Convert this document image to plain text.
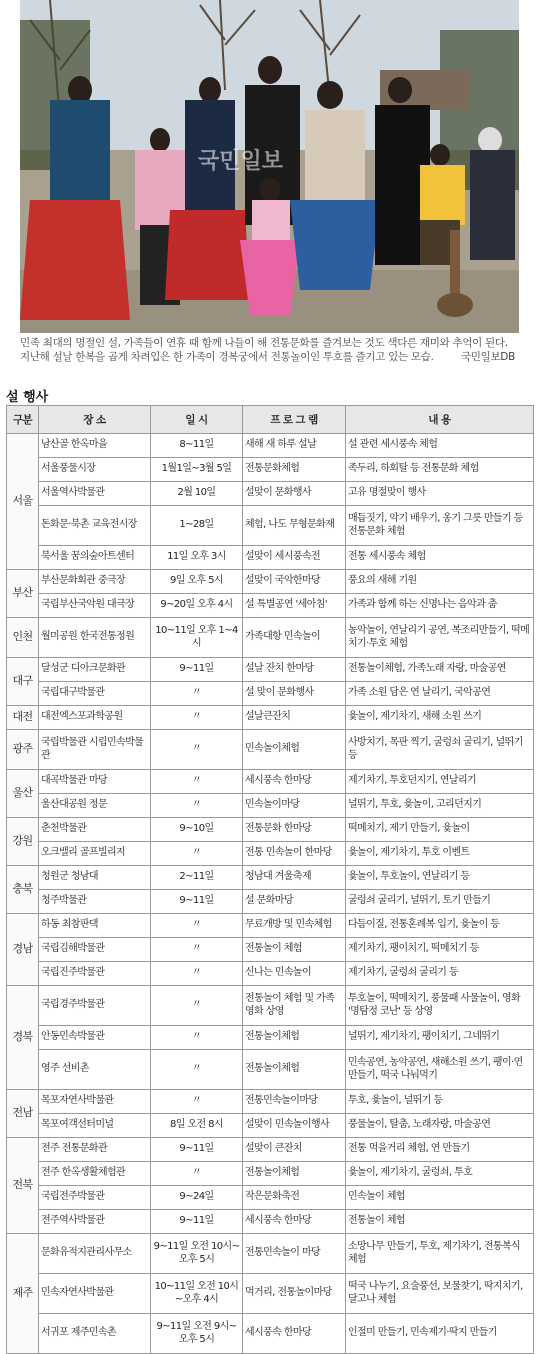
국민일보
민족 최대의 명절인 설, 가족들이 연휴 때 함께 나들이 해 전통문화를 즐겨보는 것도 색다른 재미와 추억이 된다. 지난해 설날 한복을 곱게 차려입은 한 가족이 경복궁에서 전통놀이인 투호를 즐기고 있는 모습.	국민일보DB
설 행사
구분	장 소	일 시	프 로 그 램	내 용
서울	남산골 한옥마을	8~11일	새해 새 하루 설날	설 관련 세시풍속 체험
	서울풍물시장	1월1일~3월 5일	전통문화체험	족두리, 하회탈 등 전통문화 체험
	서울역사박물관	2월 10일	설맞이 문화행사	고유 명절맞이 행사
	돈화문·북촌 교육전시장	1~28일	체험, 나도 무형문화재	매듭짓기, 악기 배우기, 옹기 그릇 만들기 등 전통문화 체험
	북서울 꿈의숲아트센터	11일 오후 3시	설맞이 세시풍속전	전통 세시풍속 체험
부산	부산문화회관 중극장	9일 오후 5시	설맞이 국악한마당	풍요의 새해 기원
	국립부산국악원 대극장	9~20일 오후 4시	설 특별공연 '세아침'	가족과 함께 하는 신명나는 음악과 춤
인천	월미공원 한국전통정원	10~11일 오후 1~4시	가족대항 민속놀이	농악놀이, 연날리기 공연, 복조리만들기, 떡메치기·투호 체험
대구	달성군 디아크문화관	9~11일	설날 잔치 한마당	전통놀이체험, 가족노래 자랑, 마술공연
	국립대구박물관	〃	설 맞이 문화행사	가족 소원 담은 연 날리기, 국악공연
대전	대전엑스포과학공원	〃	설날큰잔치	윷놀이, 제기차기, 새해 소원 쓰기
광주	국립박물관 시립민속박물관	〃	민속놀이체험	사방치기, 목판 찍기, 굴렁쇠 굴리기, 널뛰기 등
울산	대곡박물관 마당	〃	세시풍속 한마당	제기차기, 투호던지기, 연날리기
	울산대공원 정문	〃	민속놀이마당	널뛰기, 투호, 윷놀이, 고리던지기
강원	춘천박물관	9~10일	전통문화 한마당	떡메치기, 제기 만들기, 윷놀이
	오크밸리 골프빌리지	〃	전통 민속놀이 한마당	윷놀이, 제기차기, 투호 이벤트
충북	청원군 청남대	2~11일	청남대 겨울축제	윷놀이, 투호놀이, 연날리기 등
	청주박물관	9~11일	설 문화마당	굴렁쇠 굴리기, 널뛰기, 토기 만들기
경남	하동 최참판댁	〃	무료개방 및 민속체험	다듬이질, 전통혼례복 입기, 윷놀이 등
	국립김해박물관	〃	전통놀이 체험	제기차기, 팽이치기, 떡메치기 등
	국립진주박물관	〃	신나는 민속놀이	제기차기, 굴렁쇠 굴리기 등
경북	국립경주박물관	〃	전통놀이 체험 및 가족영화 상영	투호놀이, 떡메치기, 풍물패 사물놀이, 영화 '명탐정 코난' 등 상영
	안동민속박물관	〃	전통놀이체험	널뛰기, 제기차기, 팽이치기, 그네뛰기
	영주 선비촌	〃	전통놀이체험	민속공연, 농악공연, 새해소원 쓰기, 팽이·연 만들기, 떡국 나눠먹기
전남	목포자연사박물관	〃	전통민속놀이마당	투호, 윷놀이, 널뛰기 등
	목포여객선터미널	8일 오전 8시	설맞이 민속놀이행사	풍물놀이, 탈춤, 노래자랑, 마술공연
전북	전주 전통문화관	9~11일	설맞이 큰잔치	전통 먹을거리 체험, 연 만들기
	전주 한옥생활체험관	〃	전통놀이체험	윷놀이, 제기차기, 굴렁쇠, 투호
	국립전주박물관	9~24일	작은문화축전	민속놀이 체험
	전주역사박물관	9~11일	세시풍속 한마당	전통놀이 체험
제주	문화유적지관리사무소	9~11일 오전 10시~오후 5시	전통민속놀이 마당	소망나무 만들기, 투호, 제기차기, 전통복식 체험
	민속자연사박물관	10~11일 오전 10시~오후 4시	먹거리, 전통놀이마당	떡국 나누기, 요술풍선, 보물찾기, 딱지치기, 달고나 체험
	서귀포 제주민속촌	9~11일 오전 9시~오후 5시	세시풍속 한마당	인절미 만들기, 민속제기·딱지 만들기
